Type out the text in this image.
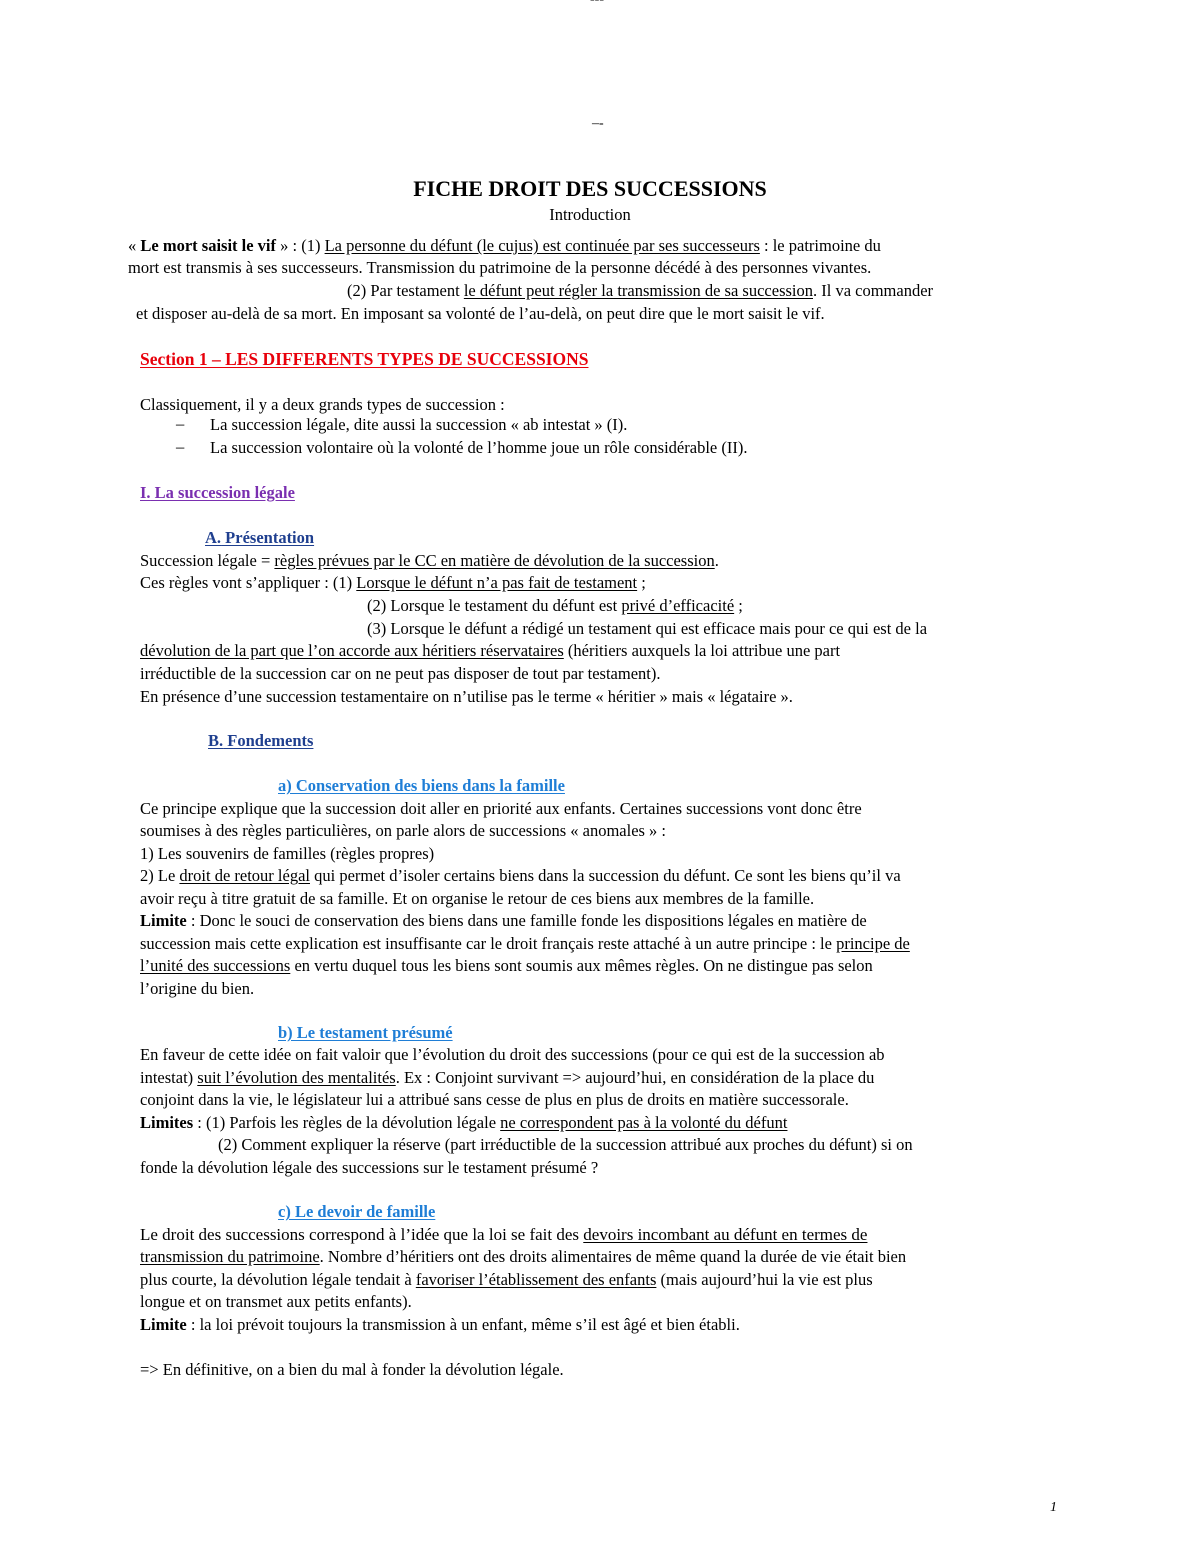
–-
FICHE DROIT DES SUCCESSIONS
Introduction
« Le mort saisit le vif » : (1) La personne du défunt (le cujus) est continuée par ses successeurs : le patrimoine du
mort est transmis à ses successeurs. Transmission du patrimoine de la personne décédé à des personnes vivantes.
(2) Par testament le défunt peut régler la transmission de sa succession. Il va commander
et disposer au-delà de sa mort. En imposant sa volonté de l’au-delà, on peut dire que le mort saisit le vif.
Section 1 – LES DIFFERENTS TYPES DE SUCCESSIONS
Classiquement, il y a deux grands types de succession :
– La succession légale, dite aussi la succession « ab intestat » (I).
– La succession volontaire où la volonté de l’homme joue un rôle considérable (II).
I. La succession légale
A. Présentation
Succession légale = règles prévues par le CC en matière de dévolution de la succession.
Ces règles vont s’appliquer : (1) Lorsque le défunt n’a pas fait de testament ;
(2) Lorsque le testament du défunt est privé d’efficacité ;
(3) Lorsque le défunt a rédigé un testament qui est efficace mais pour ce qui est de la
dévolution de la part que l’on accorde aux héritiers réservataires (héritiers auxquels la loi attribue une part
irréductible de la succession car on ne peut pas disposer de tout par testament).
En présence d’une succession testamentaire on n’utilise pas le terme « héritier » mais « légataire ».
B. Fondements
a) Conservation des biens dans la famille
Ce principe explique que la succession doit aller en priorité aux enfants. Certaines successions vont donc être
soumises à des règles particulières, on parle alors de successions « anomales » :
1) Les souvenirs de familles (règles propres)
2) Le droit de retour légal qui permet d’isoler certains biens dans la succession du défunt. Ce sont les biens qu’il va
avoir reçu à titre gratuit de sa famille. Et on organise le retour de ces biens aux membres de la famille.
Limite : Donc le souci de conservation des biens dans une famille fonde les dispositions légales en matière de
succession mais cette explication est insuffisante car le droit français reste attaché à un autre principe : le principe de
l’unité des successions en vertu duquel tous les biens sont soumis aux mêmes règles. On ne distingue pas selon
l’origine du bien.
b) Le testament présumé
En faveur de cette idée on fait valoir que l’évolution du droit des successions (pour ce qui est de la succession ab
intestat) suit l’évolution des mentalités. Ex : Conjoint survivant => aujourd’hui, en considération de la place du
conjoint dans la vie, le législateur lui a attribué sans cesse de plus en plus de droits en matière successorale.
Limites : (1) Parfois les règles de la dévolution légale ne correspondent pas à la volonté du défunt
(2) Comment expliquer la réserve (part irréductible de la succession attribué aux proches du défunt) si on
fonde la dévolution légale des successions sur le testament présumé ?
c) Le devoir de famille
Le droit des successions correspond à l’idée que la loi se fait des devoirs incombant au défunt en termes de
transmission du patrimoine. Nombre d’héritiers ont des droits alimentaires de même quand la durée de vie était bien
plus courte, la dévolution légale tendait à favoriser l’établissement des enfants (mais aujourd’hui la vie est plus
longue et on transmet aux petits enfants).
Limite : la loi prévoit toujours la transmission à un enfant, même s’il est âgé et bien établi.
=> En définitive, on a bien du mal à fonder la dévolution légale.
1
